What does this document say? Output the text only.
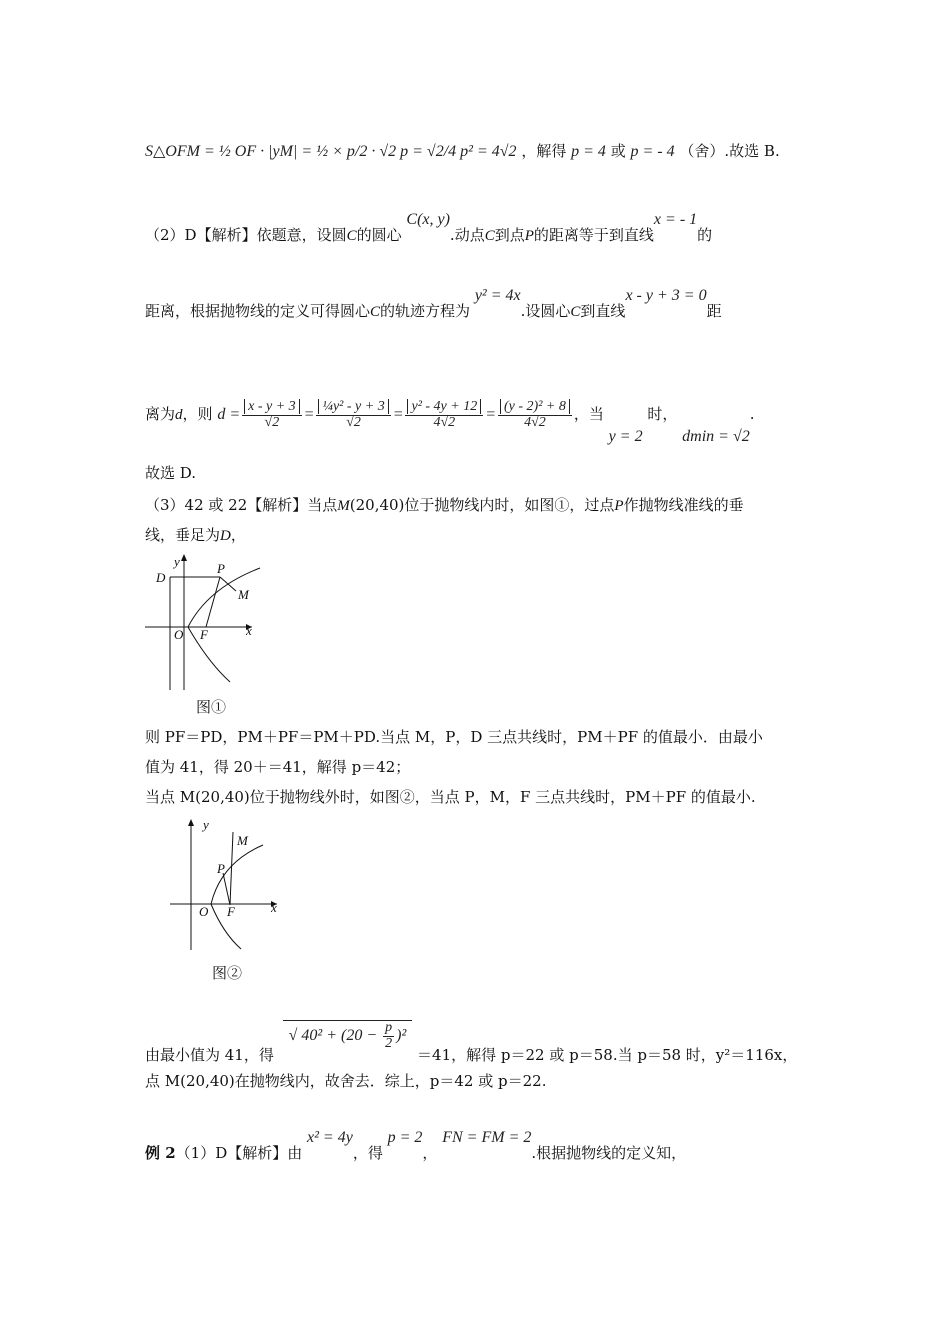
S△OFM = ½ OF · |yM| = ½ × p/2 · √2 p = √2/4 p² = 4√2 ，解得 p = 4 或 p = - 4 （舍）.故选 B.
（2）D【解析】依题意，设圆C的圆心 C(x, y).动点C到点P的距离等于到直线x = - 1的
距离，根据抛物线的定义可得圆心C的轨迹方程为 y² = 4x.设圆心C到直线x - y + 3 = 0距
离为d，则 $d = \frac{x - y + 3}{√2} = \frac{\text{¼y² - y + 3}}{√2} = \frac{\text{y² - 4y + 12}}{4√2} = \frac{\text{(y - 2)² + 8}}{4√2}$ ，当 y = 2 时， dmin = √2.
故选 D.
（3）42 或 22【解析】当点M(20,40)位于抛物线内时，如图①，过点P作抛物线准线的垂
线，垂足为D，
y
D
P
M
O F	x
图①
则 PF＝PD，PM＋PF＝PM＋PD.当点 M，P，D 三点共线时，PM＋PF 的值最小．由最小
值为 41，得 20＋＝41，解得 p＝42；
当点 M(20,40)位于抛物线外时，如图②，当点 P，M，F 三点共线时，PM＋PF 的值最小.
y
M
P
O F	x
图②
由最小值为 41，得 √ $40^2 + (20 - \frac{p}{2} )^2 =41$，解得 p＝22 或 p＝58.当 p＝58 时，y²＝116x，
点 M(20,40)在抛物线内，故舍去．综上，p＝42 或 p＝22.
例 2（1）D【解析】由 x² = 4y，得 p = 2， FN = FM = 2.根据抛物线的定义知，
